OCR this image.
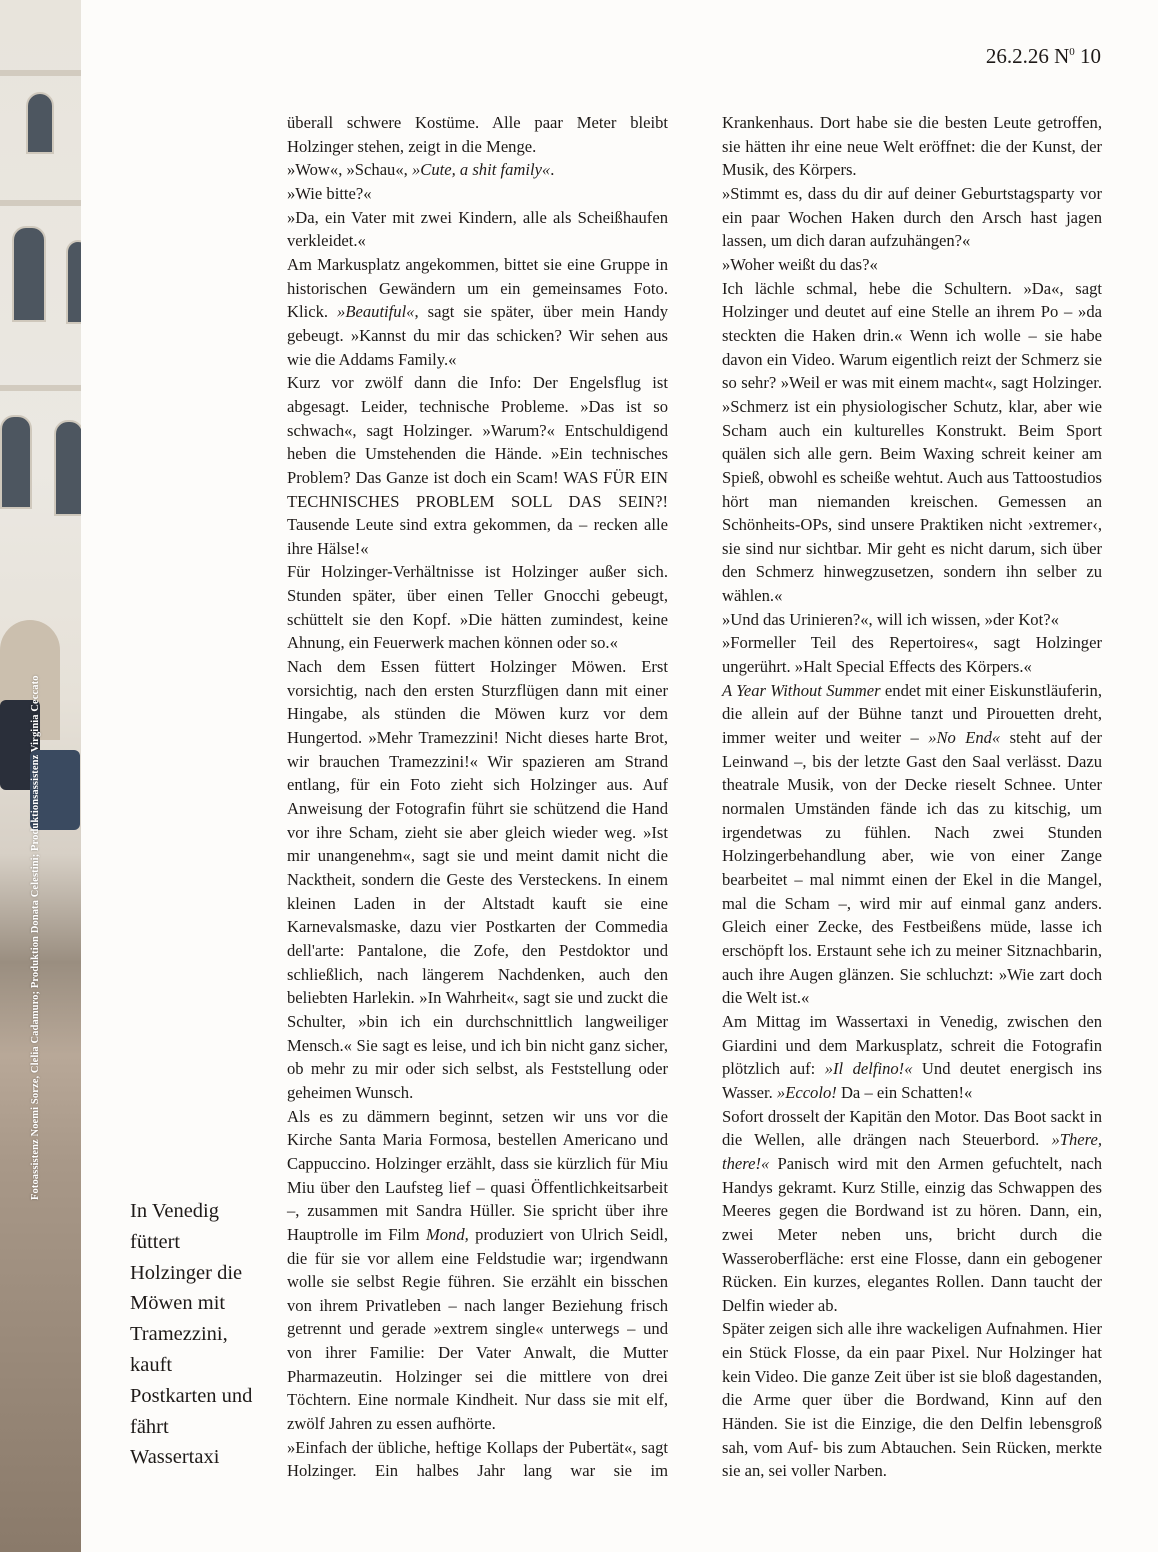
Fotoassistenz Noemi Sorze, Clelia Cadamuro; Produktion Donata Celestini; Produktionsassistenz Virginia Ceccato
26.2.26 $N^0$ 10
In Venedig füttert Holzinger die Möwen mit Tramezzini, kauft Postkarten und fährt Wassertaxi

überall schwere Kostüme. Alle paar Meter bleibt Holzinger stehen, zeigt in die Menge.

»Wow«, »Schau«, »Cute, a shit family«.

»Wie bitte?«

»Da, ein Vater mit zwei Kindern, alle als Scheißhaufen verkleidet.«

Am Markusplatz angekommen, bittet sie eine Gruppe in historischen Gewändern um ein gemeinsames Foto. Klick. »Beautiful«, sagt sie später, über mein Handy gebeugt. »Kannst du mir das schicken? Wir sehen aus wie die Addams Family.«

Kurz vor zwölf dann die Info: Der Engelsflug ist abgesagt. Leider, technische Probleme. »Das ist so schwach«, sagt Holzinger. »Warum?« Entschuldigend heben die Umstehenden die Hände. »Ein technisches Problem? Das Ganze ist doch ein Scam! WAS FÜR EIN TECHNISCHES PROBLEM SOLL DAS SEIN?! Tausende Leute sind extra gekommen, da – recken alle ihre Hälse!«

Für Holzinger-Verhältnisse ist Holzinger außer sich. Stunden später, über einen Teller Gnocchi gebeugt, schüttelt sie den Kopf. »Die hätten zumindest, keine Ahnung, ein Feuerwerk machen können oder so.«

Nach dem Essen füttert Holzinger Möwen. Erst vorsichtig, nach den ersten Sturzflügen dann mit einer Hingabe, als stünden die Möwen kurz vor dem Hungertod. »Mehr Tramezzini! Nicht dieses harte Brot, wir brauchen Tramezzini!« Wir spazieren am Strand entlang, für ein Foto zieht sich Holzinger aus. Auf Anweisung der Fotografin führt sie schützend die Hand vor ihre Scham, zieht sie aber gleich wieder weg. »Ist mir unangenehm«, sagt sie und meint damit nicht die Nacktheit, sondern die Geste des Versteckens. In einem kleinen Laden in der Altstadt kauft sie eine Karnevalsmaske, dazu vier Postkarten der Commedia dell'arte: Pantalone, die Zofe, den Pestdoktor und schließlich, nach längerem Nachdenken, auch den beliebten Harlekin. »In Wahrheit«, sagt sie und zuckt die Schulter, »bin ich ein durchschnittlich langweiliger Mensch.« Sie sagt es leise, und ich bin nicht ganz sicher, ob mehr zu mir oder sich selbst, als Feststellung oder geheimen Wunsch.

Als es zu dämmern beginnt, setzen wir uns vor die Kirche Santa Maria Formosa, bestellen Americano und Cappuccino. Holzinger erzählt, dass sie kürzlich für Miu Miu über den Laufsteg lief – quasi Öffentlichkeitsarbeit –, zusammen mit Sandra Hüller. Sie spricht über ihre Hauptrolle im Film Mond, produziert von Ulrich Seidl, die für sie vor allem eine Feldstudie war; irgendwann wolle sie selbst Regie führen. Sie erzählt ein bisschen von ihrem Privatleben – nach langer Beziehung frisch getrennt und gerade »extrem single« unterwegs – und von ihrer Familie: Der Vater Anwalt, die Mutter Pharmazeutin. Holzinger sei die mittlere von drei Töchtern. Eine normale Kindheit. Nur dass sie mit elf, zwölf Jahren zu essen aufhörte.

»Einfach der übliche, heftige Kollaps der Pubertät«, sagt Holzinger. Ein halbes Jahr lang war sie im

Krankenhaus. Dort habe sie die besten Leute getroffen, sie hätten ihr eine neue Welt eröffnet: die der Kunst, der Musik, des Körpers.

»Stimmt es, dass du dir auf deiner Geburtstagsparty vor ein paar Wochen Haken durch den Arsch hast jagen lassen, um dich daran aufzuhängen?«

»Woher weißt du das?«

Ich lächle schmal, hebe die Schultern. »Da«, sagt Holzinger und deutet auf eine Stelle an ihrem Po – »da steckten die Haken drin.« Wenn ich wolle – sie habe davon ein Video. Warum eigentlich reizt der Schmerz sie so sehr? »Weil er was mit einem macht«, sagt Holzinger. »Schmerz ist ein physiologischer Schutz, klar, aber wie Scham auch ein kulturelles Konstrukt. Beim Sport quälen sich alle gern. Beim Waxing schreit keiner am Spieß, obwohl es scheiße wehtut. Auch aus Tattoostudios hört man niemanden kreischen. Gemessen an Schönheits-OPs, sind unsere Praktiken nicht ›extremer‹, sie sind nur sichtbar. Mir geht es nicht darum, sich über den Schmerz hinwegzusetzen, sondern ihn selber zu wählen.«

»Und das Urinieren?«, will ich wissen, »der Kot?«

»Formeller Teil des Repertoires«, sagt Holzinger ungerührt. »Halt Special Effects des Körpers.«

A Year Without Summer endet mit einer Eiskunstläuferin, die allein auf der Bühne tanzt und Pirouetten dreht, immer weiter und weiter – »No End« steht auf der Leinwand –, bis der letzte Gast den Saal verlässt. Dazu theatrale Musik, von der Decke rieselt Schnee. Unter normalen Umständen fände ich das zu kitschig, um irgendetwas zu fühlen. Nach zwei Stunden Holzingerbehandlung aber, wie von einer Zange bearbeitet – mal nimmt einen der Ekel in die Mangel, mal die Scham –, wird mir auf einmal ganz anders. Gleich einer Zecke, des Festbeißens müde, lasse ich erschöpft los. Erstaunt sehe ich zu meiner Sitznachbarin, auch ihre Augen glänzen. Sie schluchzt: »Wie zart doch die Welt ist.«

Am Mittag im Wassertaxi in Venedig, zwischen den Giardini und dem Markusplatz, schreit die Fotografin plötzlich auf: »Il delfino!« Und deutet energisch ins Wasser. »Eccolo! Da – ein Schatten!«

Sofort drosselt der Kapitän den Motor. Das Boot sackt in die Wellen, alle drängen nach Steuerbord. »There, there!« Panisch wird mit den Armen gefuchtelt, nach Handys gekramt. Kurz Stille, einzig das Schwappen des Meeres gegen die Bordwand ist zu hören. Dann, ein, zwei Meter neben uns, bricht durch die Wasseroberfläche: erst eine Flosse, dann ein gebogener Rücken. Ein kurzes, elegantes Rollen. Dann taucht der Delfin wieder ab.

Später zeigen sich alle ihre wackeligen Aufnahmen. Hier ein Stück Flosse, da ein paar Pixel. Nur Holzinger hat kein Video. Die ganze Zeit über ist sie bloß dagestanden, die Arme quer über die Bordwand, Kinn auf den Händen. Sie ist die Einzige, die den Delfin lebensgroß sah, vom Auf- bis zum Abtauchen. Sein Rücken, merkte sie an, sei voller Narben.
